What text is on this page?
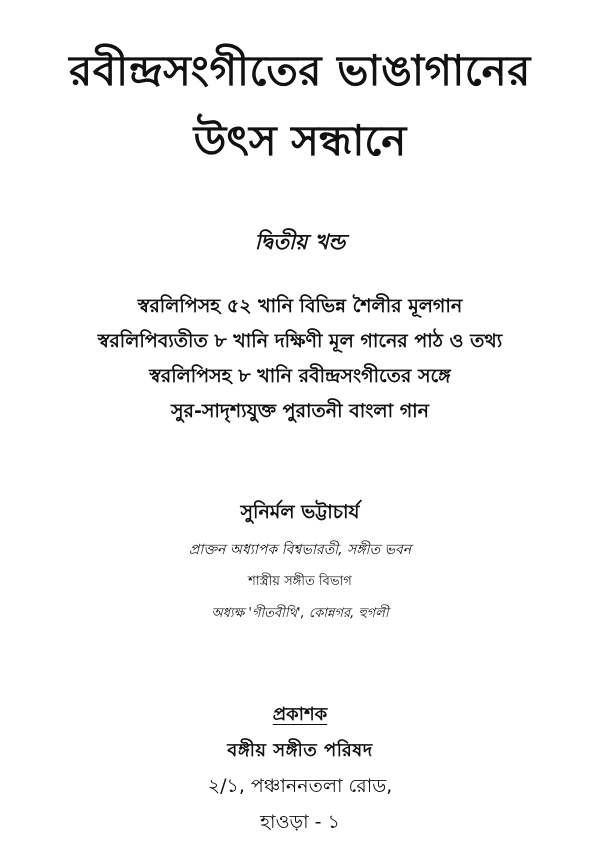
রবীন্দ্রসংগীতের ভাঙাগানের
উৎস সন্ধানে
দ্বিতীয় খন্ড
স্বরলিপিসহ ৫২ খানি বিভিন্ন শৈলীর মূলগান
স্বরলিপিব্যতীত ৮ খানি দক্ষিণী মূল গানের পাঠ ও তথ্য
স্বরলিপিসহ ৮ খানি রবীন্দ্রসংগীতের সঙ্গে
সুর-সাদৃশ্যযুক্ত পুরাতনী বাংলা গান
সুনির্মল ভট্টাচার্য
প্রাক্তন অধ্যাপক বিশ্বভারতী, সঙ্গীত ভবন
শাস্ত্রীয় সঙ্গীত বিভাগ
অধ্যক্ষ 'গীতবীথি', কোন্নগর, হুগলী
প্রকাশক
বঙ্গীয় সঙ্গীত পরিষদ
২/১, পঞ্চাননতলা রোড,
হাওড়া - ১
